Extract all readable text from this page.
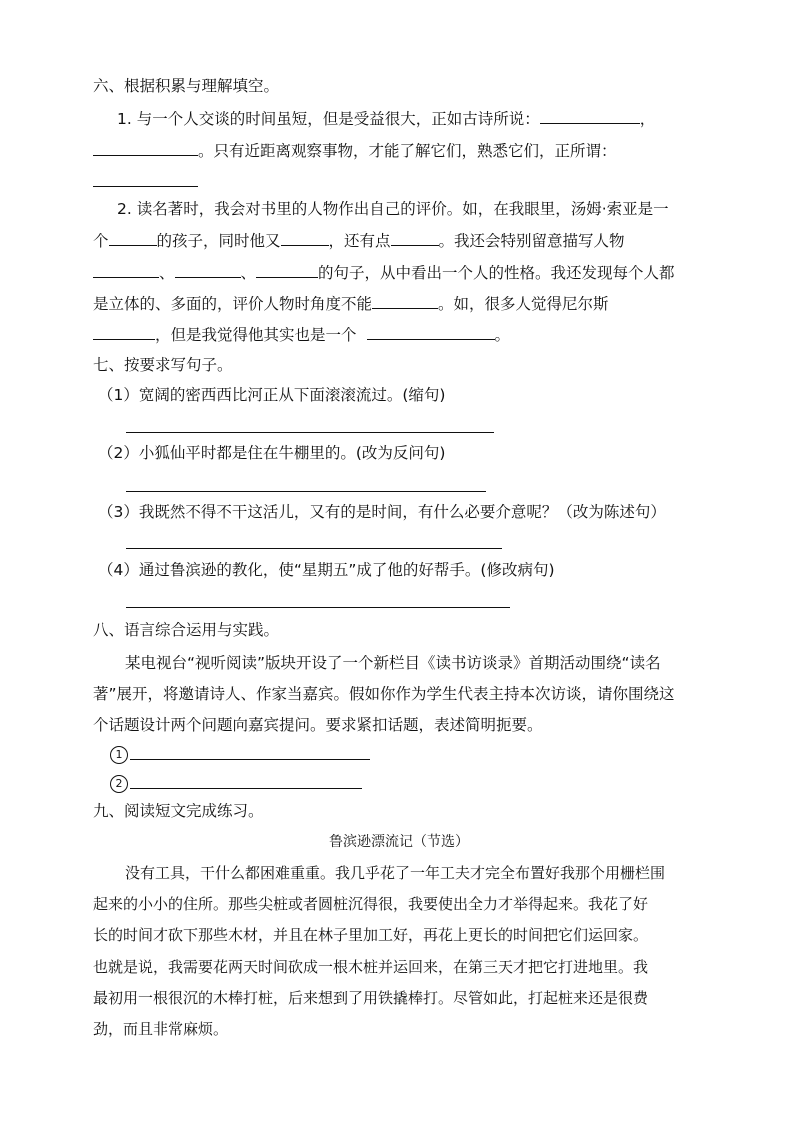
六、根据积累与理解填空。
1. 与一个人交谈的时间虽短，但是受益很大，正如古诗所说：	，
。只有近距离观察事物，才能了解它们，熟悉它们，正所谓：
2. 读名著时，我会对书里的人物作出自己的评价。如，在我眼里，汤姆·索亚是一
个	的孩子，同时他又	，还有点	。我还会特别留意描写人物
、	、	的句子，从中看出一个人的性格。我还发现每个人都
是立体的、多面的，评价人物时角度不能	。如，很多人觉得尼尔斯
，但是我觉得他其实也是一个	。
七、按要求写句子。
（1）宽阔的密西西比河正从下面滚滚流过。(缩句)
（2）小狐仙平时都是住在牛棚里的。(改为反问句)
（3）我既然不得不干这活儿，又有的是时间，有什么必要介意呢？（改为陈述句）
（4）通过鲁滨逊的教化，使“星期五”成了他的好帮手。(修改病句)
八、语言综合运用与实践。
某电视台“视听阅读”版块开设了一个新栏目《读书访谈录》首期活动围绕“读名
著”展开，将邀请诗人、作家当嘉宾。假如你作为学生代表主持本次访谈，请你围绕这
个话题设计两个问题向嘉宾提问。要求紧扣话题，表述简明扼要。
1
2
九、阅读短文完成练习。
鲁滨逊漂流记（节选）
没有工具，干什么都困难重重。我几乎花了一年工夫才完全布置好我那个用栅栏围
起来的小小的住所。那些尖桩或者圆桩沉得很，我要使出全力才举得起来。我花了好
长的时间才砍下那些木材，并且在林子里加工好，再花上更长的时间把它们运回家。
也就是说，我需要花两天时间砍成一根木桩并运回来，在第三天才把它打进地里。我
最初用一根很沉的木棒打桩，后来想到了用铁撬棒打。尽管如此，打起桩来还是很费
劲，而且非常麻烦。
